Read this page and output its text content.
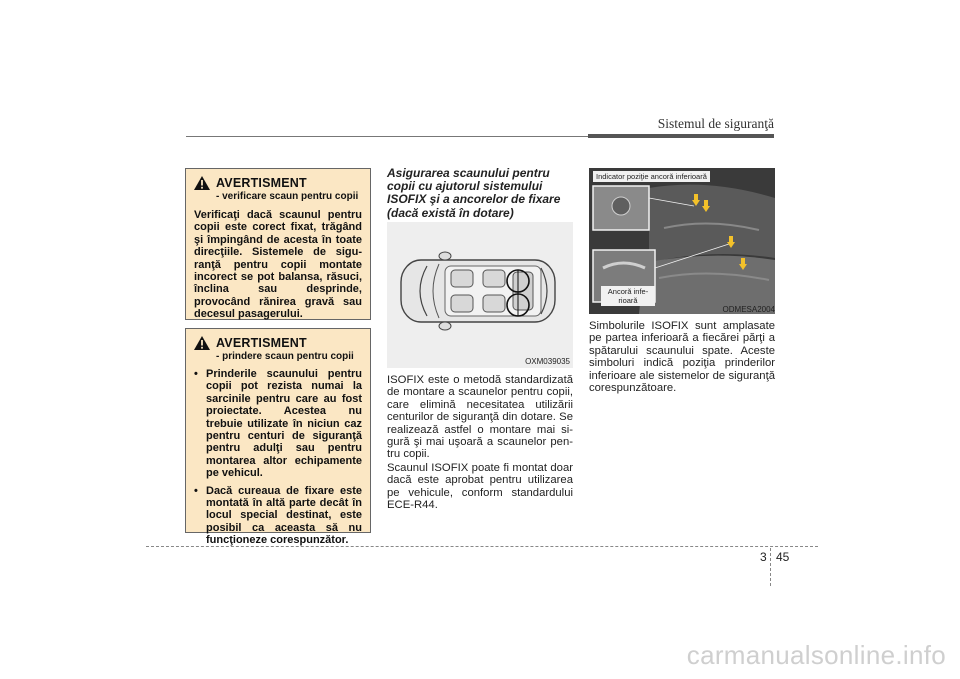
Sistemul de siguranţă
AVERTISMENT
- verificare scaun pentru copii
Verificaţi dacă scaunul pentru copii este corect fixat, trăgând şi împingând de acesta în toate direcţiile. Sistemele de siguranţă pentru copii montate incorect se pot balansa, răsuci, înclina sau desprinde, provocând rănirea gravă sau decesul pasagerului.
AVERTISMENT
- prindere scaun pentru copii
• Prinderile scaunului pentru copii pot rezista numai la sarcinile pentru care au fost proiectate. Acestea nu trebuie utilizate în niciun caz pentru centuri de siguranţă pentru adulţi sau pentru montarea altor echipamente pe vehicul.
• Dacă cureaua de fixare este montată în altă parte decât în locul special destinat, este posibil ca aceasta să nu funcţioneze corespunzător.
Asigurarea scaunului pentru copii cu ajutorul sistemului ISOFIX şi a ancorelor de fixare (dacă există în dotare)
OXM039035
ISOFIX este o metodă standardizată de montare a scaunelor pentru copii, care elimină necesitatea utilizării centurilor de siguranţă din dotare. Se realizează astfel o montare mai sigură şi mai uşoară a scaunelor pentru copii.
Scaunul ISOFIX poate fi montat doar dacă este aprobat pentru utilizarea pe vehicule, conform standardului ECE-R44.
Indicator poziţie ancoră inferioară
Ancoră infe- rioară
ODMESA2004
Simbolurile ISOFIX sunt amplasate pe partea inferioară a fiecărei părţi a spătarului scaunului spate. Aceste simboluri indică poziţia prinderilor inferioare ale sistemelor de siguranţă corespunzătoare.
3 45
carmanualsonline.info
